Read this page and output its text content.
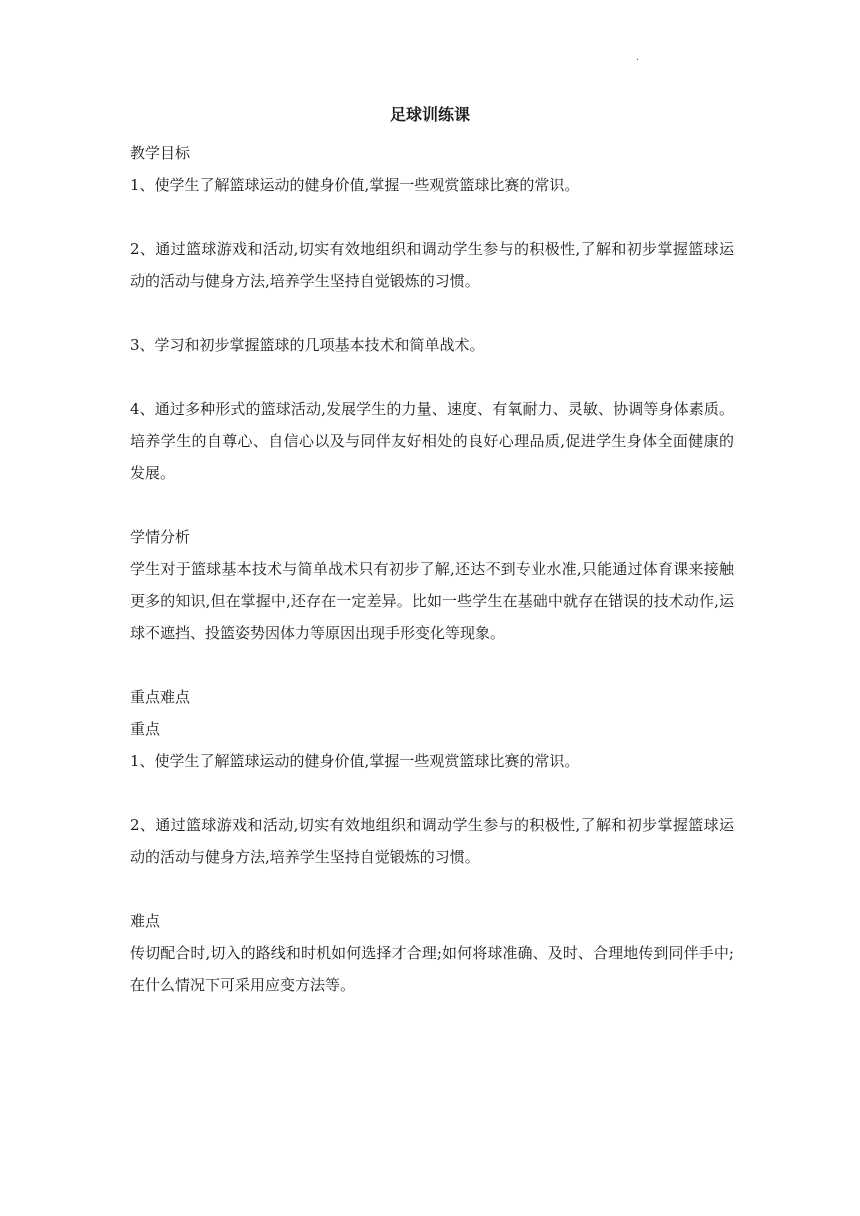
·
足球训练课

教学目标

1、使学生了解篮球运动的健身价值,掌握一些观赏篮球比赛的常识。

2、通过篮球游戏和活动,切实有效地组织和调动学生参与的积极性,了解和初步掌握篮球运动的活动与健身方法,培养学生坚持自觉锻炼的习惯。

3、学习和初步掌握篮球的几项基本技术和简单战术。

4、通过多种形式的篮球活动,发展学生的力量、速度、有氧耐力、灵敏、协调等身体素质。培养学生的自尊心、自信心以及与同伴友好相处的良好心理品质,促进学生身体全面健康的发展。

学情分析

学生对于篮球基本技术与简单战术只有初步了解,还达不到专业水准,只能通过体育课来接触更多的知识,但在掌握中,还存在一定差异。比如一些学生在基础中就存在错误的技术动作,运球不遮挡、投篮姿势因体力等原因出现手形变化等现象。

重点难点

重点

1、使学生了解篮球运动的健身价值,掌握一些观赏篮球比赛的常识。

2、通过篮球游戏和活动,切实有效地组织和调动学生参与的积极性,了解和初步掌握篮球运动的活动与健身方法,培养学生坚持自觉锻炼的习惯。

难点

传切配合时,切入的路线和时机如何选择才合理;如何将球准确、及时、合理地传到同伴手中;在什么情况下可采用应变方法等。
